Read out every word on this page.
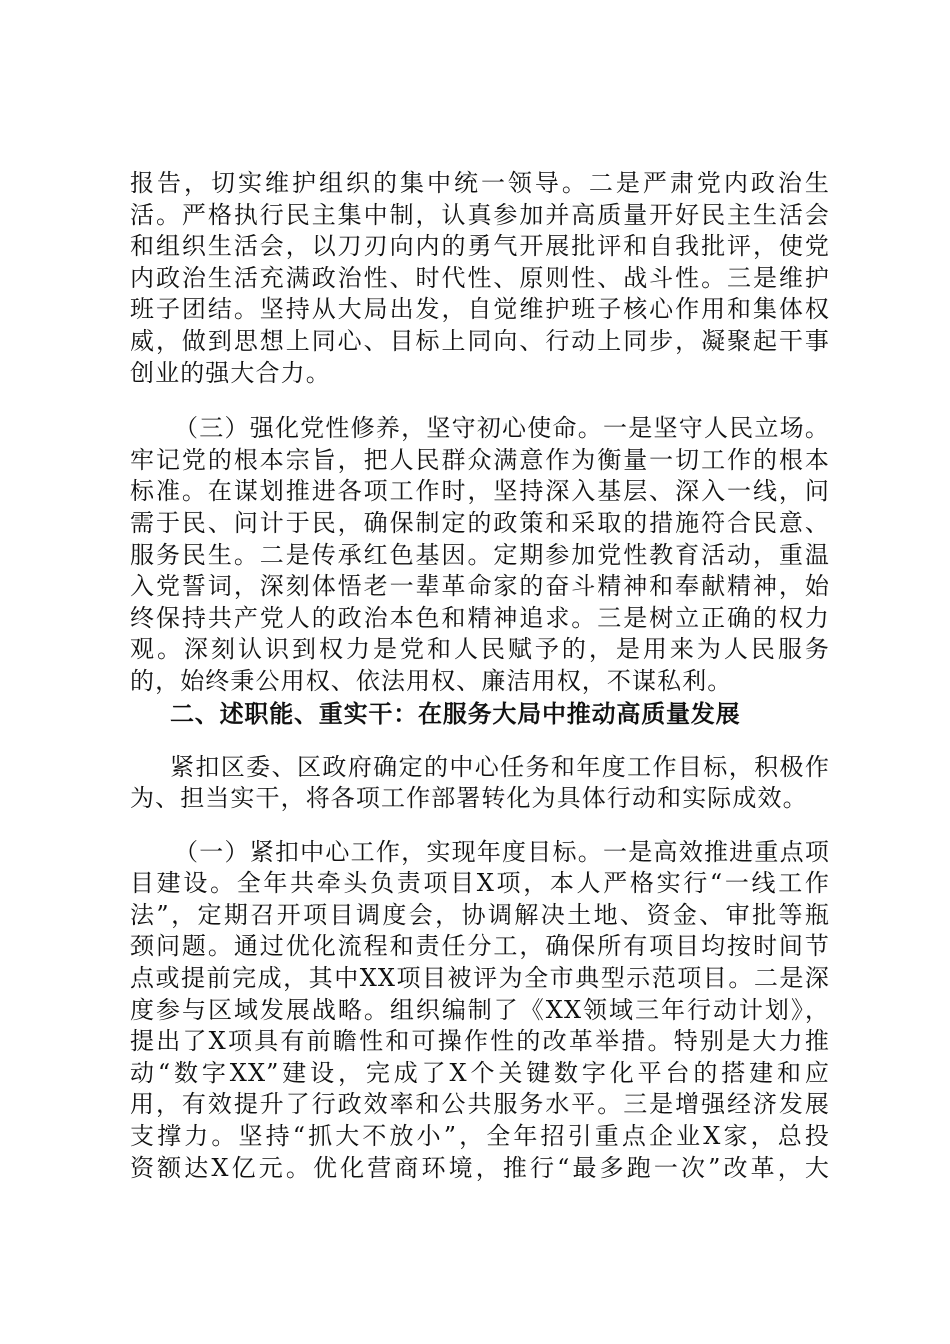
报告，切实维护组织的集中统一领导。二是严肃党内政治生
活。严格执行民主集中制，认真参加并高质量开好民主生活会
和组织生活会，以刀刃向内的勇气开展批评和自我批评，使党
内政治生活充满政治性、时代性、原则性、战斗性。三是维护
班子团结。坚持从大局出发，自觉维护班子核心作用和集体权
威，做到思想上同心、目标上同向、行动上同步，凝聚起干事
创业的强大合力。
（三）强化党性修养，坚守初心使命。一是坚守人民立场。
牢记党的根本宗旨，把人民群众满意作为衡量一切工作的根本
标准。在谋划推进各项工作时，坚持深入基层、深入一线，问
需于民、问计于民，确保制定的政策和采取的措施符合民意、
服务民生。二是传承红色基因。定期参加党性教育活动，重温
入党誓词，深刻体悟老一辈革命家的奋斗精神和奉献精神，始
终保持共产党人的政治本色和精神追求。三是树立正确的权力
观。深刻认识到权力是党和人民赋予的，是用来为人民服务
的，始终秉公用权、依法用权、廉洁用权，不谋私利。
二、述职能、重实干：在服务大局中推动高质量发展
紧扣区委、区政府确定的中心任务和年度工作目标，积极作
为、担当实干，将各项工作部署转化为具体行动和实际成效。
（一）紧扣中心工作，实现年度目标。一是高效推进重点项
目建设。全年共牵头负责项目X项，本人严格实行“一线工作
法”，定期召开项目调度会，协调解决土地、资金、审批等瓶
颈问题。通过优化流程和责任分工，确保所有项目均按时间节
点或提前完成，其中XX项目被评为全市典型示范项目。二是深
度参与区域发展战略。组织编制了《XX领域三年行动计划》，
提出了X项具有前瞻性和可操作性的改革举措。特别是大力推
动“数字XX”建设，完成了X个关键数字化平台的搭建和应
用，有效提升了行政效率和公共服务水平。三是增强经济发展
支撑力。坚持“抓大不放小”，全年招引重点企业X家，总投
资额达X亿元。优化营商环境，推行“最多跑一次”改革，大
